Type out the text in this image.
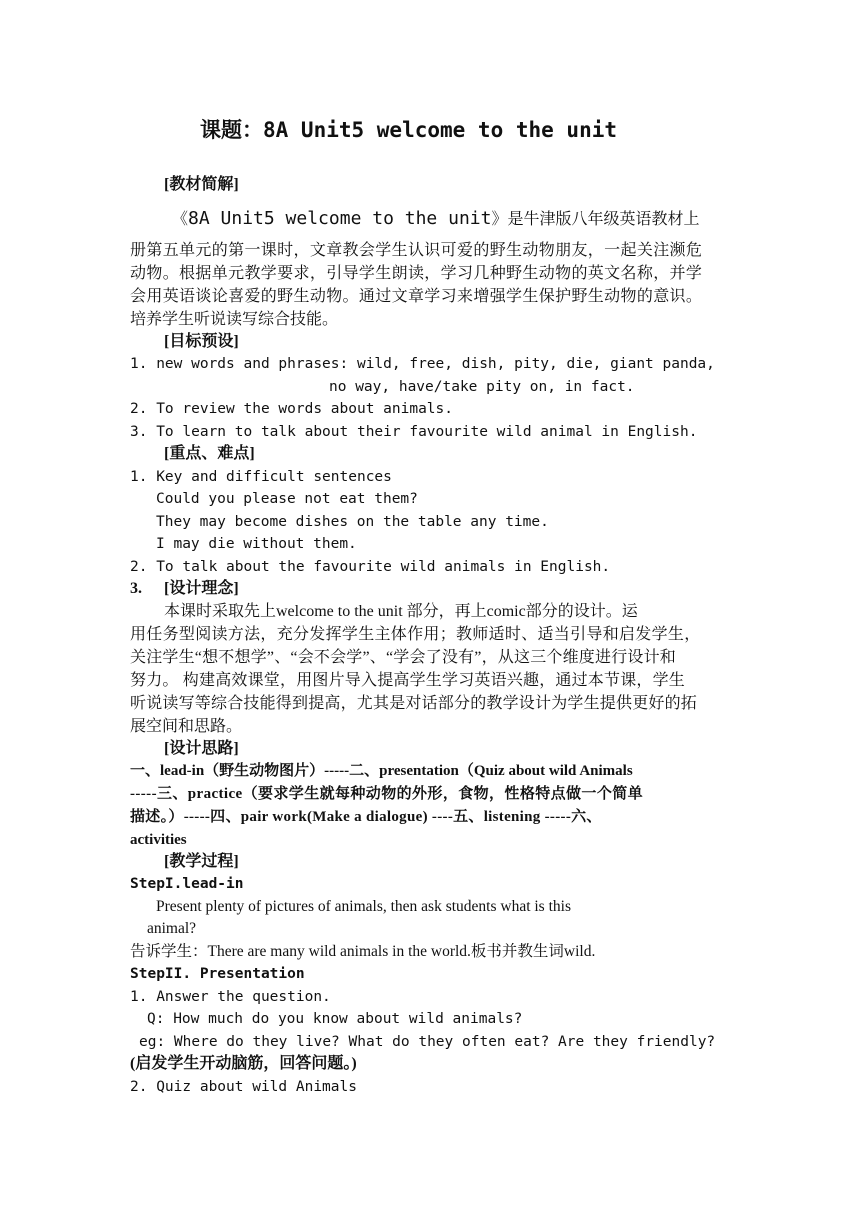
课题：8A Unit5 welcome to the unit
[教材简解]
《8A Unit5 welcome to the unit》是牛津版八年级英语教材上
册第五单元的第一课时，文章教会学生认识可爱的野生动物朋友，一起关注濒危
动物。根据单元教学要求，引导学生朗读，学习几种野生动物的英文名称，并学
会用英语谈论喜爱的野生动物。通过文章学习来增强学生保护野生动物的意识。
培养学生听说读写综合技能。
[目标预设]
1. new words and phrases: wild, free, dish, pity, die, giant panda,
no way, have/take pity on, in fact.
2. To review the words about animals.
3. To learn to talk about their favourite wild animal in English.
[重点、难点]
1. Key and difficult sentences
Could you please not eat them?
They may become dishes on the table any time.
I may die without them.
2. To talk about the favourite wild animals in English.
3. [设计理念]
本课时采取先上welcome to the unit 部分，再上comic部分的设计。运
用任务型阅读方法，充分发挥学生主体作用；教师适时、适当引导和启发学生，
关注学生“想不想学”、“会不会学”、“学会了没有”，从这三个维度进行设计和
努力。 构建高效课堂，用图片导入提高学生学习英语兴趣，通过本节课，学生
听说读写等综合技能得到提高，尤其是对话部分的教学设计为学生提供更好的拓
展空间和思路。
[设计思路]
一、lead-in（野生动物图片）-----二、presentation（Quiz about wild Animals
-----三、practice（要求学生就每种动物的外形，食物，性格特点做一个简单
描述。）-----四、pair work(Make a dialogue) ----五、listening -----六、
activities
[教学过程]
StepI.lead-in
Present plenty of pictures of animals, then ask students what is this
animal?
告诉学生：There are many wild animals in the world.板书并教生词wild.
StepII. Presentation
1. Answer the question.
Q: How much do you know about wild animals?
eg: Where do they live? What do they often eat? Are they friendly?
(启发学生开动脑筋，回答问题。)
2. Quiz about wild Animals
